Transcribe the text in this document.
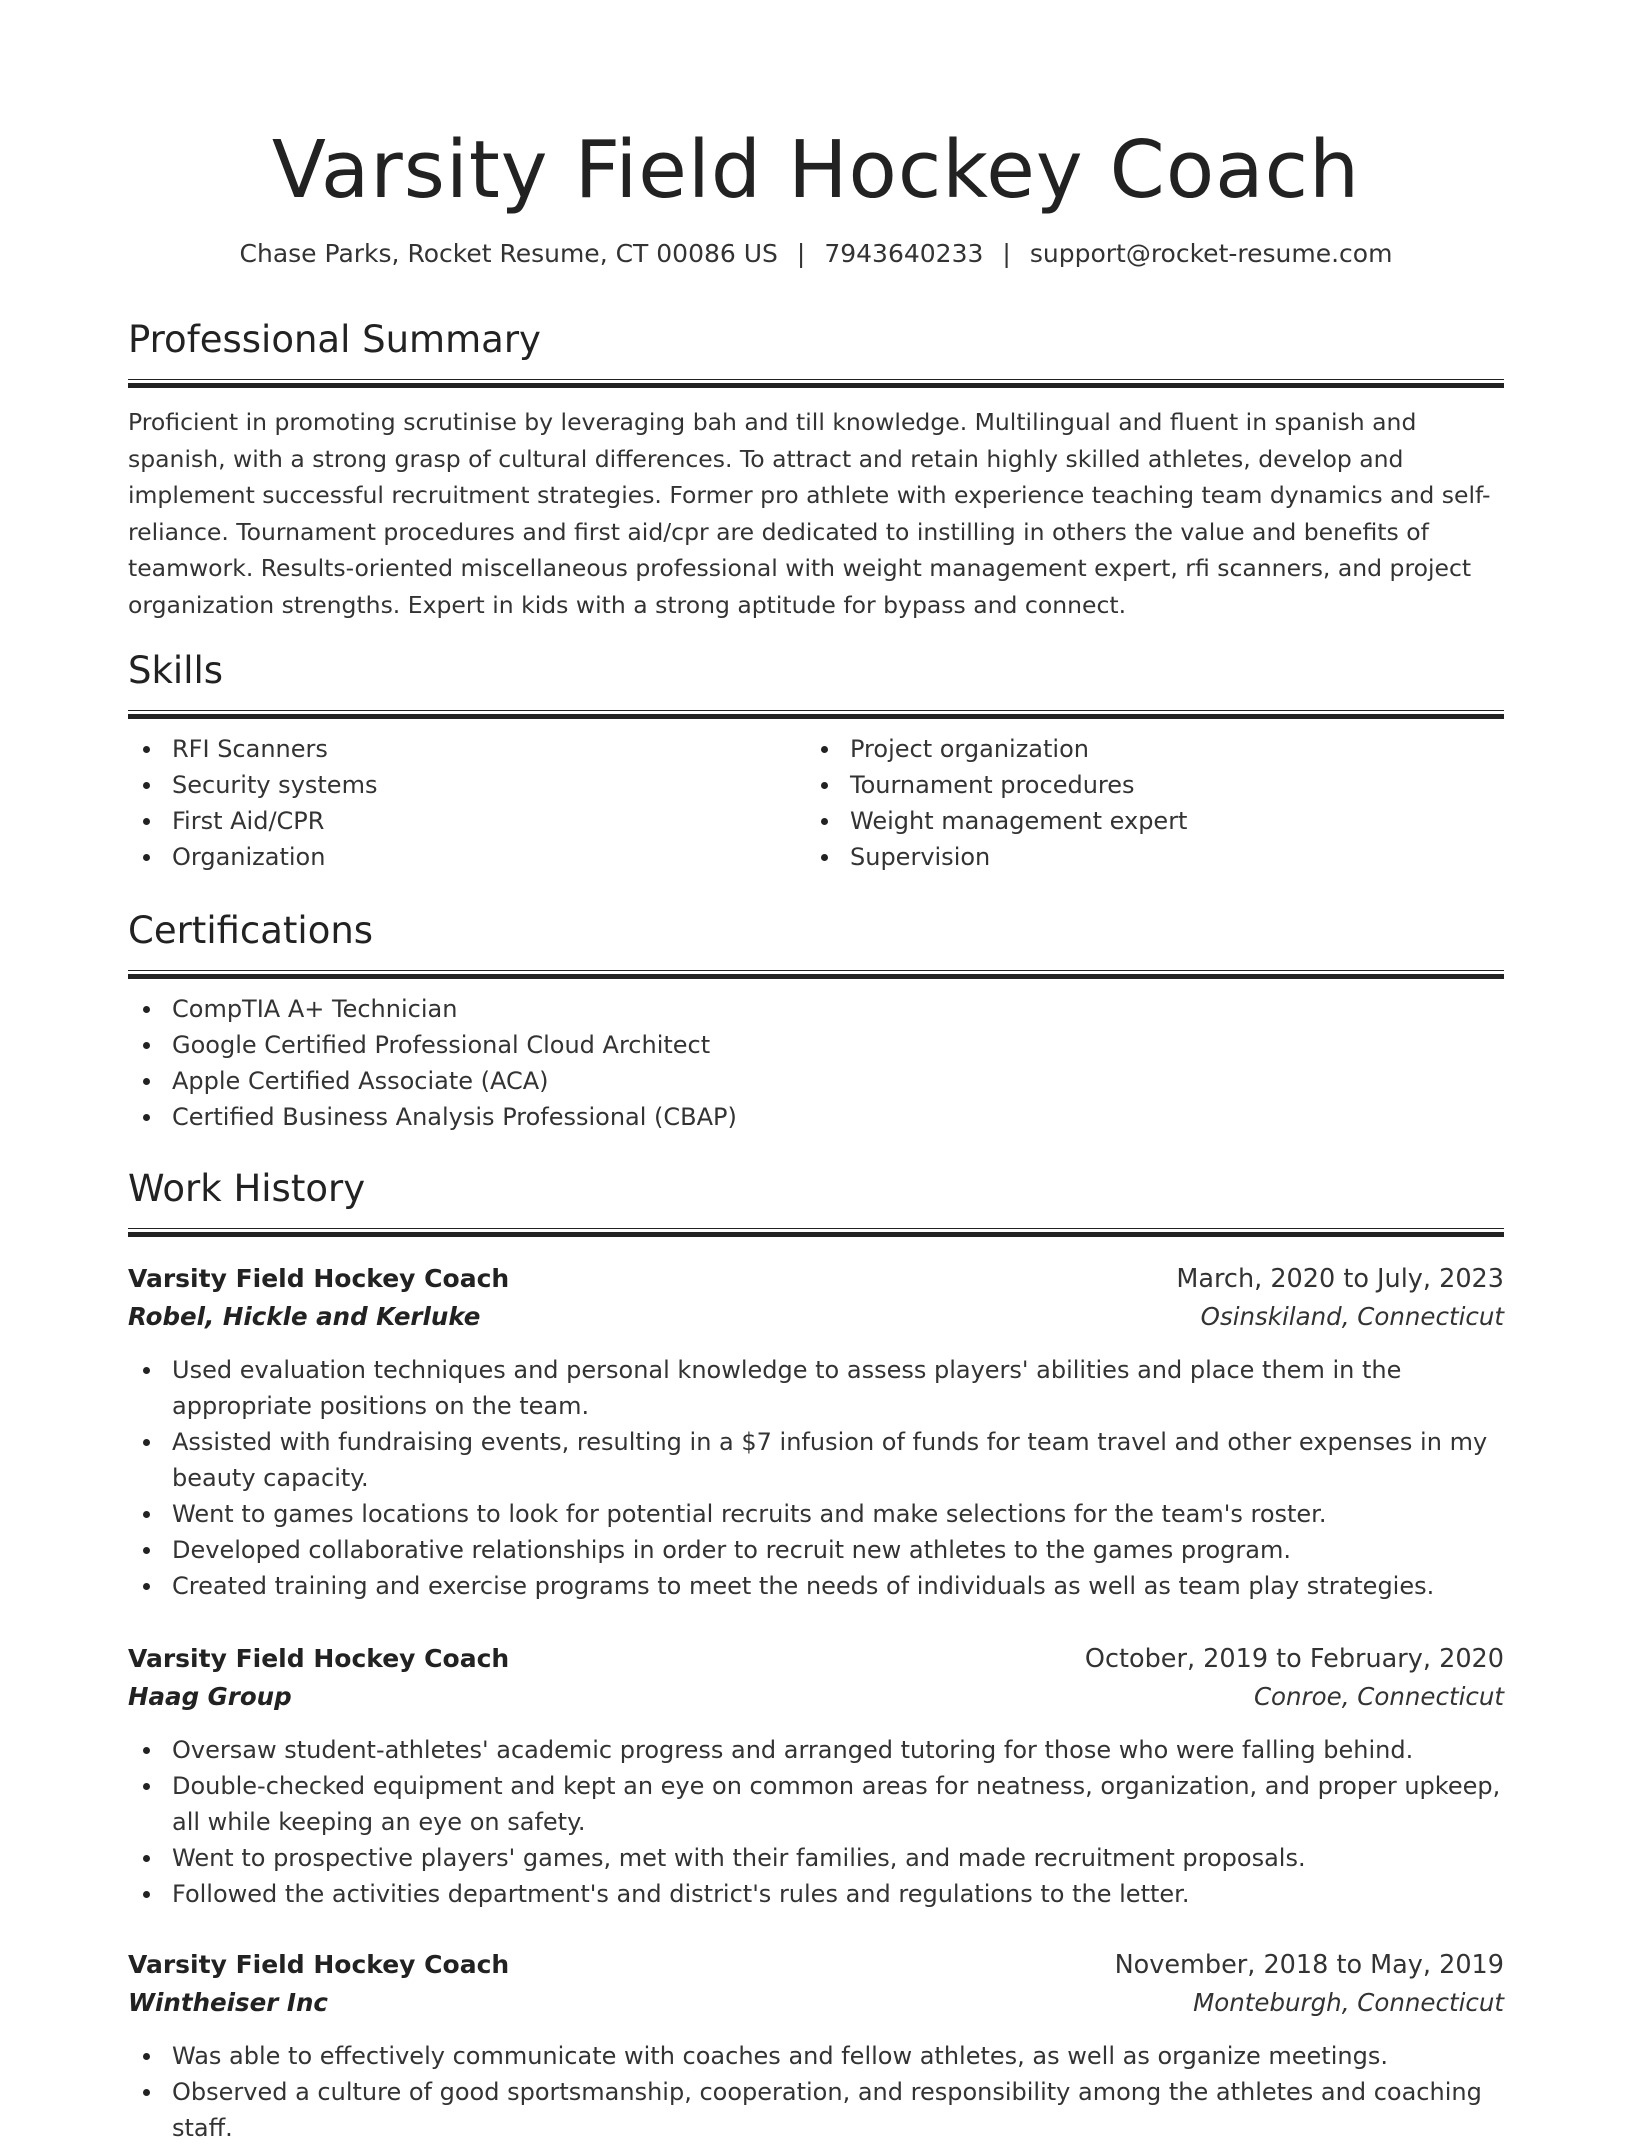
Varsity Field Hockey Coach
Chase Parks, Rocket Resume, CT 00086 US | 7943640233 | support@rocket-resume.com
Professional Summary

Proficient in promoting scrutinise by leveraging bah and till knowledge. Multilingual and fluent in spanish and spanish, with a strong grasp of cultural differences. To attract and retain highly skilled athletes, develop and implement successful recruitment strategies. Former pro athlete with experience teaching team dynamics and self-reliance. Tournament procedures and first aid/cpr are dedicated to instilling in others the value and benefits of teamwork. Results-oriented miscellaneous professional with weight management expert, rfi scanners, and project organization strengths. Expert in kids with a strong aptitude for bypass and connect.

Skills
RFI Scanners
Security systems
First Aid/CPR
Organization
Project organization
Tournament procedures
Weight management expert
Supervision
Certifications
CompTIA A+ Technician
Google Certified Professional Cloud Architect
Apple Certified Associate (ACA)
Certified Business Analysis Professional (CBAP)
Work History
Varsity Field Hockey Coach	March, 2020 to July, 2023
Robel, Hickle and Kerluke	Osinskiland, Connecticut
Used evaluation techniques and personal knowledge to assess players' abilities and place them in the appropriate positions on the team.
Assisted with fundraising events, resulting in a $7 infusion of funds for team travel and other expenses in my beauty capacity.
Went to games locations to look for potential recruits and make selections for the team's roster.
Developed collaborative relationships in order to recruit new athletes to the games program.
Created training and exercise programs to meet the needs of individuals as well as team play strategies.
Varsity Field Hockey Coach	October, 2019 to February, 2020
Haag Group	Conroe, Connecticut
Oversaw student-athletes' academic progress and arranged tutoring for those who were falling behind.
Double-checked equipment and kept an eye on common areas for neatness, organization, and proper upkeep, all while keeping an eye on safety.
Went to prospective players' games, met with their families, and made recruitment proposals.
Followed the activities department's and district's rules and regulations to the letter.
Varsity Field Hockey Coach	November, 2018 to May, 2019
Wintheiser Inc	Monteburgh, Connecticut
Was able to effectively communicate with coaches and fellow athletes, as well as organize meetings.
Observed a culture of good sportsmanship, cooperation, and responsibility among the athletes and coaching staff.
